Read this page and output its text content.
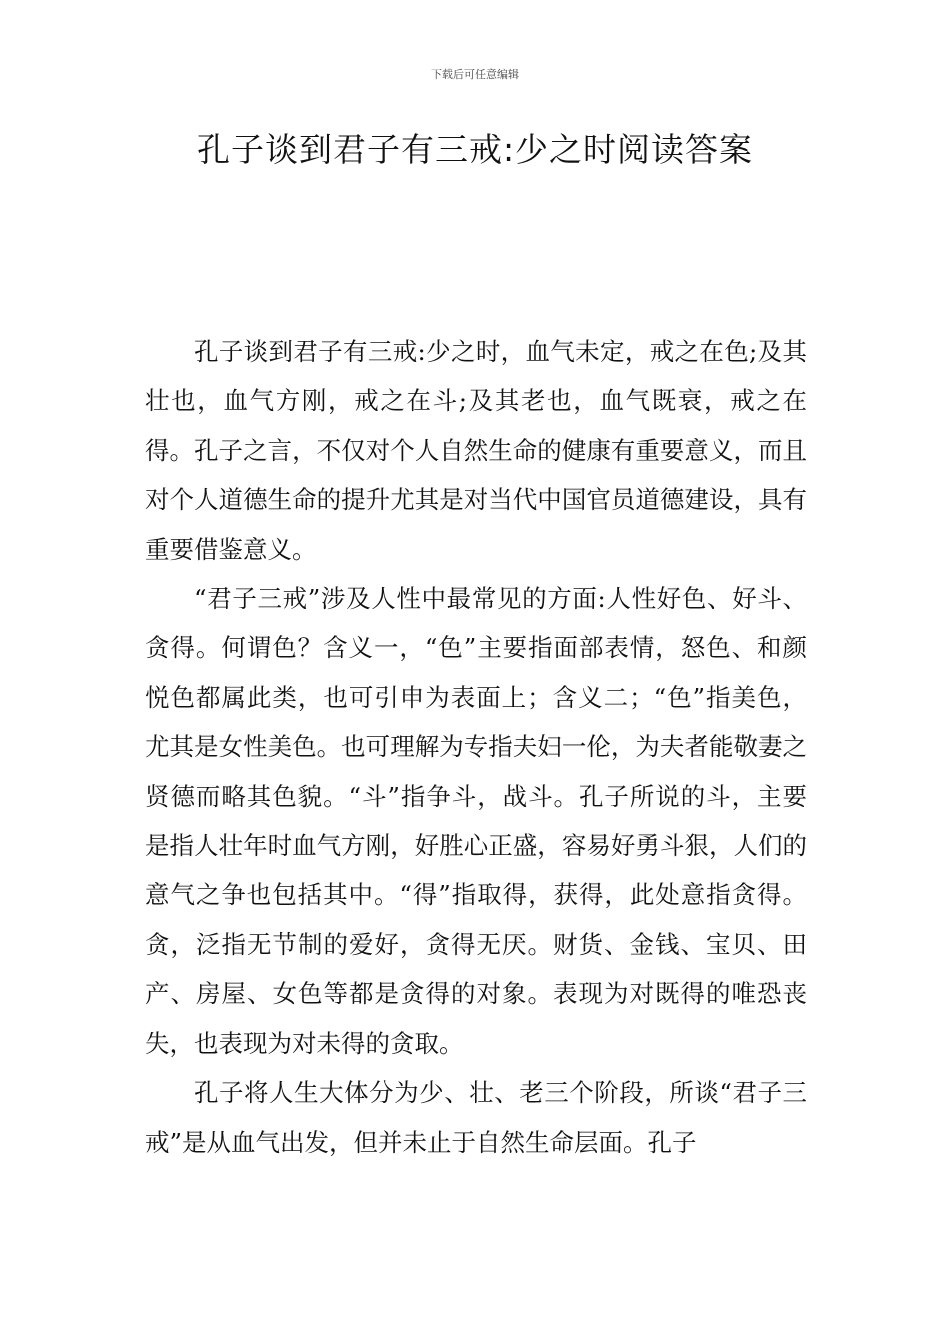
下载后可任意编辑
孔子谈到君子有三戒:少之时阅读答案

孔子谈到君子有三戒:少之时，血气未定，戒之在色;及其壮也，血气方刚，戒之在斗;及其老也，血气既衰，戒之在得。孔子之言，不仅对个人自然生命的健康有重要意义，而且对个人道德生命的提升尤其是对当代中国官员道德建设，具有重要借鉴意义。

“君子三戒”涉及人性中最常见的方面:人性好色、好斗、贪得。何谓色？含义一，“色”主要指面部表情，怒色、和颜悦色都属此类，也可引申为表面上；含义二；“色”指美色，尤其是女性美色。也可理解为专指夫妇一伦，为夫者能敬妻之贤德而略其色貌。“斗”指争斗，战斗。孔子所说的斗，主要是指人壮年时血气方刚，好胜心正盛，容易好勇斗狠，人们的意气之争也包括其中。“得”指取得，获得，此处意指贪得。贪，泛指无节制的爱好，贪得无厌。财货、金钱、宝贝、田产、房屋、女色等都是贪得的对象。表现为对既得的唯恐丧失，也表现为对未得的贪取。

孔子将人生大体分为少、壮、老三个阶段，所谈“君子三戒”是从血气出发，但并未止于自然生命层面。孔子
